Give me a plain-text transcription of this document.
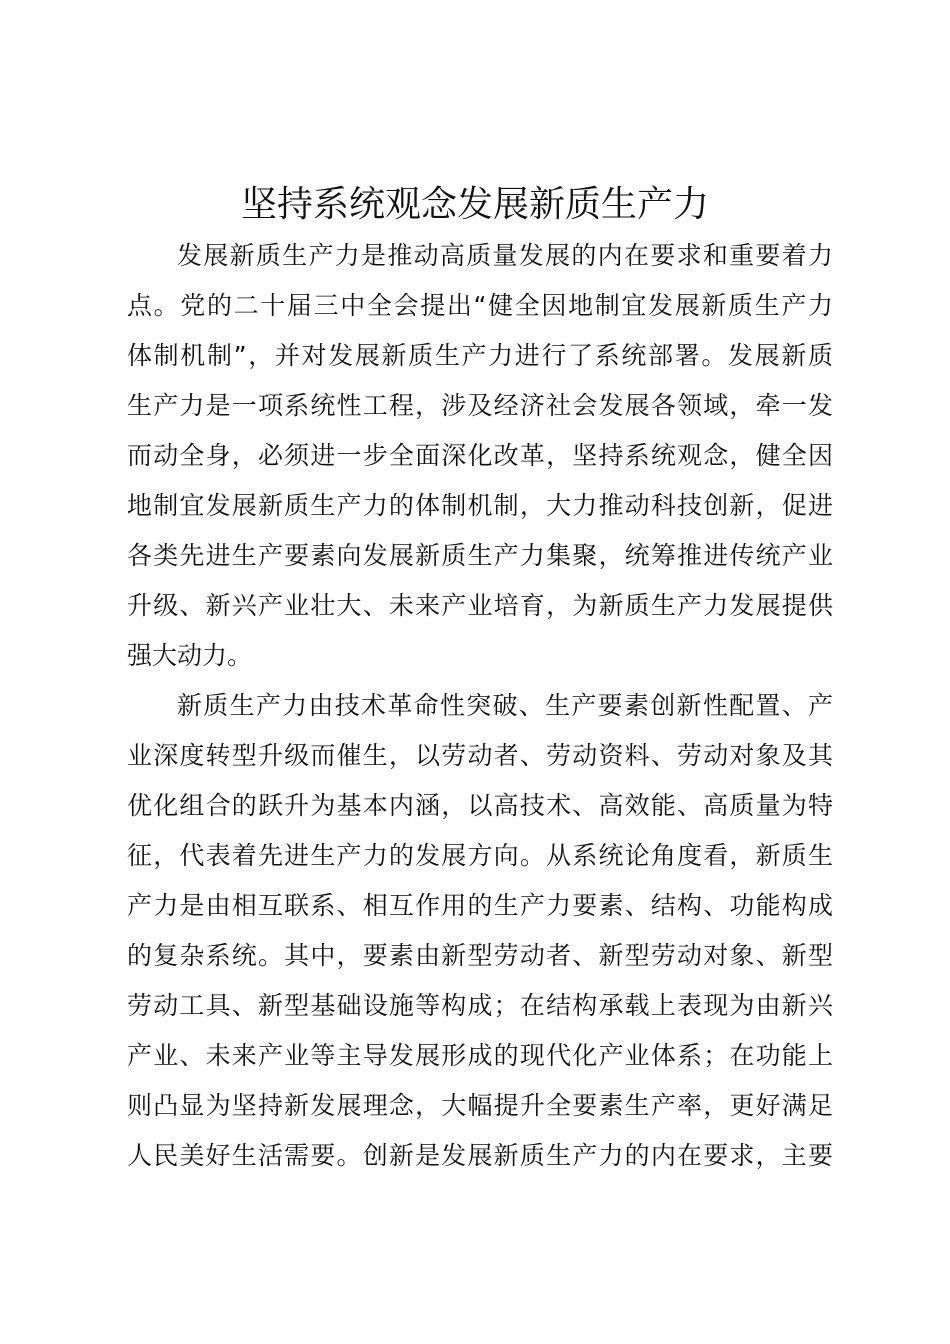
坚持系统观念发展新质生产力
发展新质生产力是推动高质量发展的内在要求和重要着力
点。党的二十届三中全会提出“健全因地制宜发展新质生产力
体制机制”，并对发展新质生产力进行了系统部署。发展新质
生产力是一项系统性工程，涉及经济社会发展各领域，牵一发
而动全身，必须进一步全面深化改革，坚持系统观念，健全因
地制宜发展新质生产力的体制机制，大力推动科技创新，促进
各类先进生产要素向发展新质生产力集聚，统筹推进传统产业
升级、新兴产业壮大、未来产业培育，为新质生产力发展提供
强大动力。
新质生产力由技术革命性突破、生产要素创新性配置、产
业深度转型升级而催生，以劳动者、劳动资料、劳动对象及其
优化组合的跃升为基本内涵，以高技术、高效能、高质量为特
征，代表着先进生产力的发展方向。从系统论角度看，新质生
产力是由相互联系、相互作用的生产力要素、结构、功能构成
的复杂系统。其中，要素由新型劳动者、新型劳动对象、新型
劳动工具、新型基础设施等构成；在结构承载上表现为由新兴
产业、未来产业等主导发展形成的现代化产业体系；在功能上
则凸显为坚持新发展理念，大幅提升全要素生产率，更好满足
人民美好生活需要。创新是发展新质生产力的内在要求，主要
